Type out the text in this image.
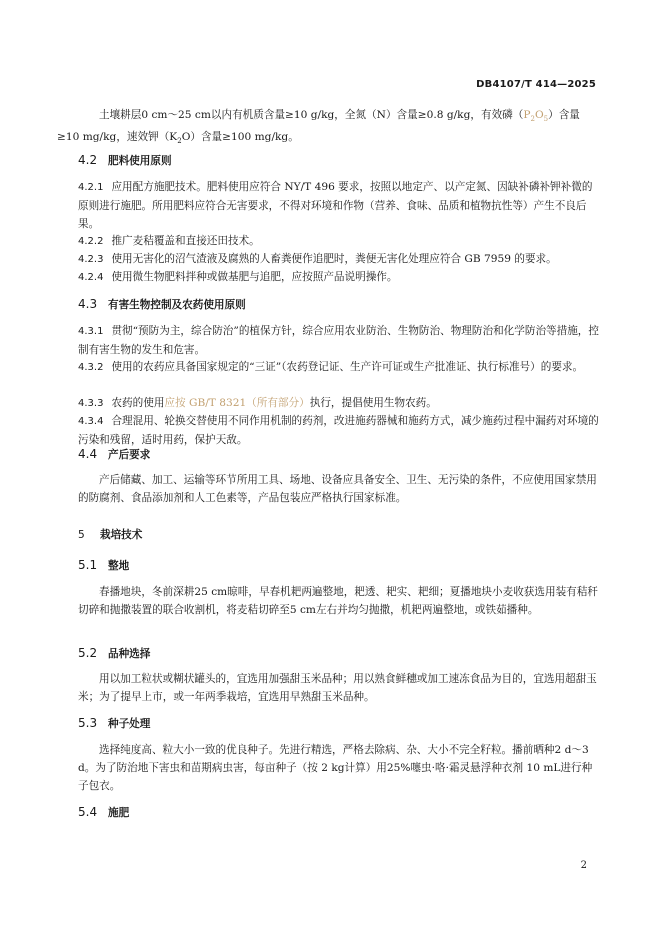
DB4107/T 414—2025
土壤耕层0 cm～25 cm以内有机质含量≥10 g/kg，全氮（N）含量≥0.8 g/kg，有效磷$(P_2O_5)$含量
≥10 mg/kg，速效钾$(K_2O)$含量≥100 mg/kg。
4.2 肥料使用原则
4.2.1 应用配方施肥技术。肥料使用应符合 NY/T 496 要求，按照以地定产、以产定氮、因缺补磷补钾补微的原则进行施肥。所用肥料应符合无害要求，不得对环境和作物（营养、食味、品质和植物抗性等）产生不良后果。
4.2.2 推广麦秸覆盖和直接还田技术。
4.2.3 使用无害化的沼气渣液及腐熟的人畜粪便作追肥时，粪便无害化处理应符合 GB 7959 的要求。
4.2.4 使用微生物肥料拌种或做基肥与追肥，应按照产品说明操作。
4.3 有害生物控制及农药使用原则
4.3.1 贯彻“预防为主，综合防治”的植保方针，综合应用农业防治、生物防治、物理防治和化学防治等措施，控制有害生物的发生和危害。
4.3.2 使用的农药应具备国家规定的“三证”（农药登记证、生产许可证或生产批准证、执行标准号）的要求。
4.3.3 农药的使用应按 GB/T 8321（所有部分）执行，提倡使用生物农药。
4.3.4 合理混用、轮换交替使用不同作用机制的药剂，改进施药器械和施药方式，减少施药过程中漏药对环境的污染和残留，适时用药，保护天敌。
4.4 产后要求
产后储藏、加工、运输等环节所用工具、场地、设备应具备安全、卫生、无污染的条件，不应使用国家禁用的防腐剂、食品添加剂和人工色素等，产品包装应严格执行国家标准。
5 栽培技术
5.1 整地
春播地块，冬前深耕25 cm晾啡，早春机耙两遍整地，耙透、耙实、耙细；夏播地块小麦收获选用装有秸秆切碎和抛撒装置的联合收割机，将麦秸切碎至5 cm左右并均匀抛撒，机耙两遍整地，或铁茹播种。
5.2 品种选择
用以加工粒状或糊状罐头的，宜选用加强甜玉米品种；用以熟食鲜穗或加工速冻食品为目的，宜选用超甜玉米；为了提早上市，或一年两季栽培，宜选用早熟甜玉米品种。
5.3 种子处理
选择纯度高、粒大小一致的优良种子。先进行精选，严格去除病、杂、大小不完全籽粒。播前晒种2 d～3 d。为了防治地下害虫和苗期病虫害，每亩种子（按 2 kg计算）用25%噻虫·咯·霜灵悬浮种衣剂 10 mL进行种子包衣。
5.4 施肥
2
